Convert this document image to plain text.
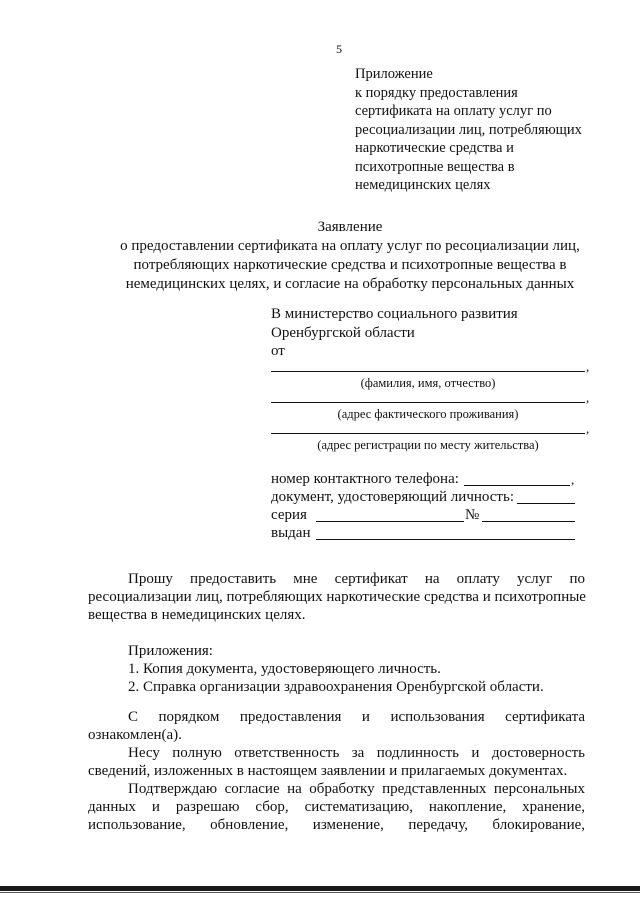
5
Приложение
к порядку предоставления
сертификата на оплату услуг по
ресоциализации лиц, потребляющих
наркотические средства и
психотропные вещества в
немедицинских целях
Заявление
о предоставлении сертификата на оплату услуг по ресоциализации лиц,
потребляющих наркотические средства и психотропные вещества в
немедицинских целях, и согласие на обработку персональных данных
В министерство социального развития
Оренбургской области
от
,
(фамилия, имя, отчество)
,
(адрес фактического проживания)
,
(адрес регистрации по месту жительства)
номер контактного телефона:	,
документ, удостоверяющий личность:
серия	№
выдан
Прошу предоставить мне сертификат на оплату услуг по
ресоциализации лиц, потребляющих наркотические средства и психотропные
вещества в немедицинских целях.
Приложения:
1. Копия документа, удостоверяющего личность.
2. Справка организации здравоохранения Оренбургской области.
С порядком предоставления и использования сертификата
ознакомлен(а).
Несу полную ответственность за подлинность и достоверность
сведений, изложенных в настоящем заявлении и прилагаемых документах.
Подтверждаю согласие на обработку представленных персональных
данных и разрешаю сбор, систематизацию, накопление, хранение,
использование, обновление, изменение, передачу, блокирование,
